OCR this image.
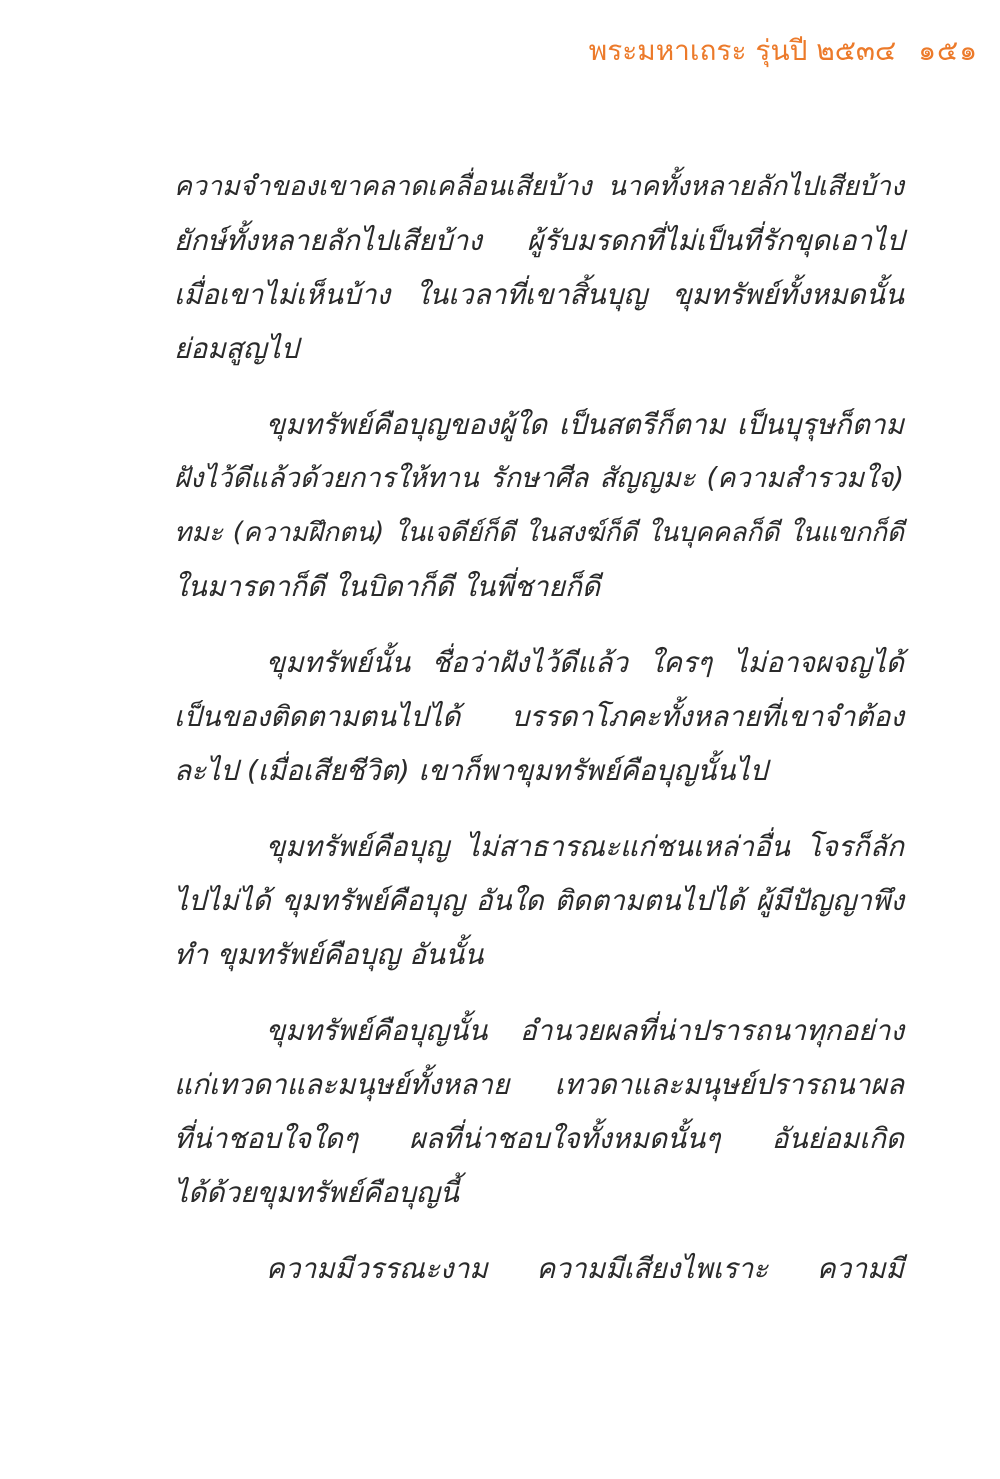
พระมหาเถระ รุ่นปี ๒๕๓๔ ๑๕๑

ความจำของเขาคลาดเคลื่อนเสียบ้าง นาคทั้งหลายลักไปเสียบ้าง
ยักษ์ทั้งหลายลักไปเสียบ้าง ผู้รับมรดกที่ไม่เป็นที่รักขุดเอาไป
เมื่อเขาไม่เห็นบ้าง ในเวลาที่เขาสิ้นบุญ ขุมทรัพย์ทั้งหมดนั้น
ย่อมสูญไป

ขุมทรัพย์คือบุญของผู้ใด เป็นสตรีก็ตาม เป็นบุรุษก็ตาม
ฝังไว้ดีแล้วด้วยการให้ทาน รักษาศีล สัญญมะ (ความสำรวมใจ)
ทมะ (ความฝึกตน) ในเจดีย์ก็ดี ในสงฆ์ก็ดี ในบุคคลก็ดี ในแขกก็ดี
ในมารดาก็ดี ในบิดาก็ดี ในพี่ชายก็ดี

ขุมทรัพย์นั้น ชื่อว่าฝังไว้ดีแล้ว ใครๆ ไม่อาจผจญได้
เป็นของติดตามตนไปได้ บรรดาโภคะทั้งหลายที่เขาจำต้อง
ละไป (เมื่อเสียชีวิต) เขาก็พาขุมทรัพย์คือบุญนั้นไป

ขุมทรัพย์คือบุญ ไม่สาธารณะแก่ชนเหล่าอื่น โจรก็ลัก
ไปไม่ได้ ขุมทรัพย์คือบุญ อันใด ติดตามตนไปได้ ผู้มีปัญญาพึง
ทำ ขุมทรัพย์คือบุญ อันนั้น

ขุมทรัพย์คือบุญนั้น อำนวยผลที่น่าปรารถนาทุกอย่าง
แก่เทวดาและมนุษย์ทั้งหลาย เทวดาและมนุษย์ปรารถนาผล
ที่น่าชอบใจใดๆ ผลที่น่าชอบใจทั้งหมดนั้นๆ อันย่อมเกิด
ได้ด้วยขุมทรัพย์คือบุญนี้

ความมีวรรณะงาม ความมีเสียงไพเราะ ความมี
